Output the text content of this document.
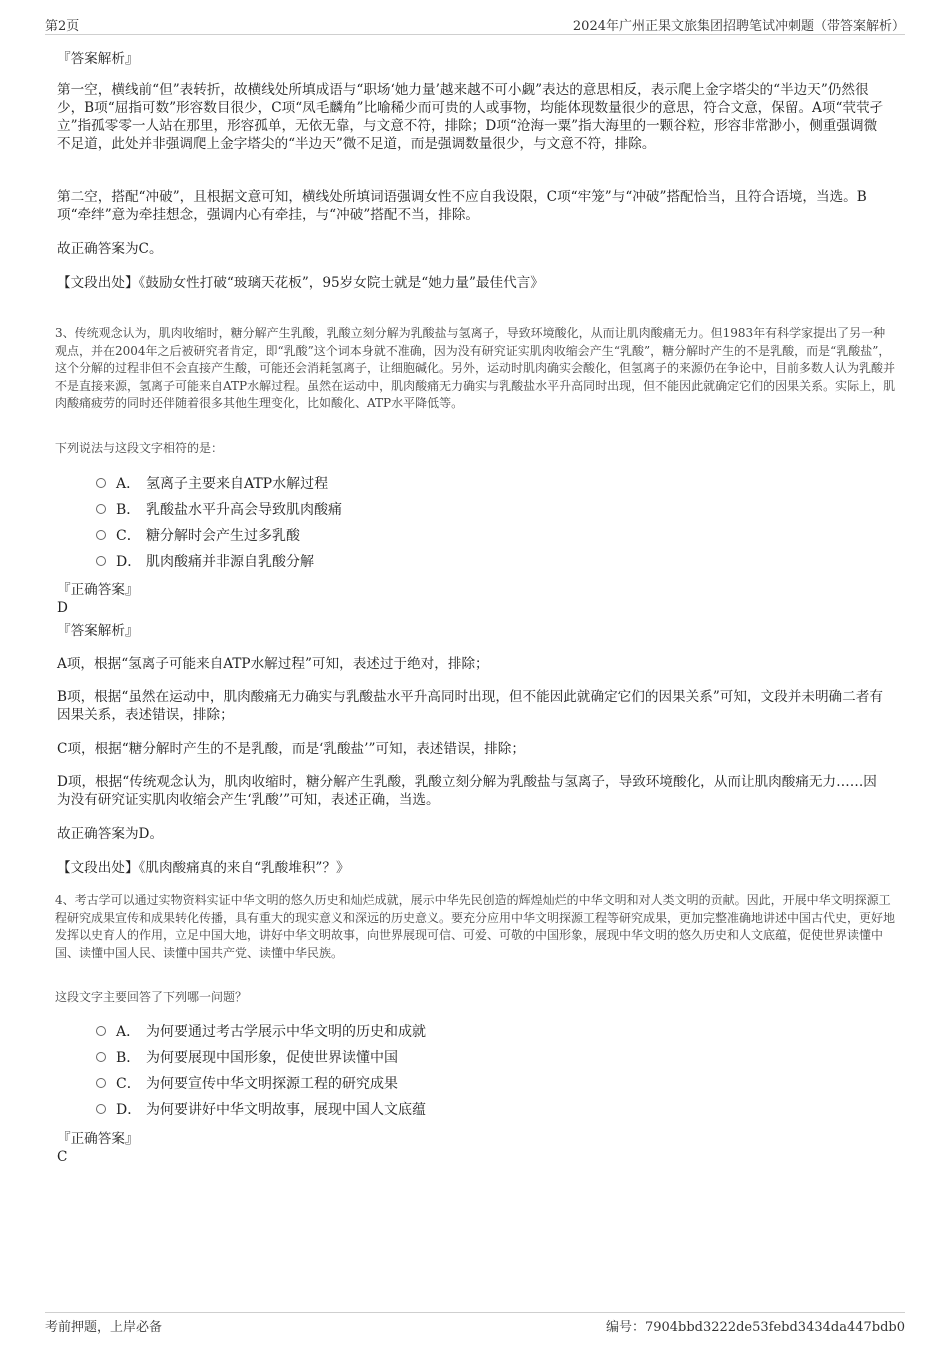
第2页	2024年广州正果文旅集团招聘笔试冲刺题（带答案解析）
『答案解析』

第一空，横线前“但”表转折，故横线处所填成语与“职场‘她力量’越来越不可小觑”表达的意思相反，表示爬上金字塔尖的“半边天”仍然很少，B项“屈指可数”形容数目很少，C项“凤毛麟角”比喻稀少而可贵的人或事物，均能体现数量很少的意思，符合文意，保留。A项“茕茕孑立”指孤零零一人站在那里，形容孤单，无依无靠，与文意不符，排除；D项“沧海一粟”指大海里的一颗谷粒，形容非常渺小，侧重强调微不足道，此处并非强调爬上金字塔尖的“半边天”微不足道，而是强调数量很少，与文意不符，排除。

第二空，搭配“冲破”，且根据文意可知，横线处所填词语强调女性不应自我设限，C项“牢笼”与“冲破”搭配恰当，且符合语境，当选。B项“牵绊”意为牵挂想念，强调内心有牵挂，与“冲破”搭配不当，排除。

故正确答案为C。

【文段出处】《鼓励女性打破“玻璃天花板”，95岁女院士就是“她力量”最佳代言》

3、传统观念认为，肌肉收缩时，糖分解产生乳酸，乳酸立刻分解为乳酸盐与氢离子，导致环境酸化，从而让肌肉酸痛无力。但1983年有科学家提出了另一种观点，并在2004年之后被研究者肯定，即“乳酸”这个词本身就不准确，因为没有研究证实肌肉收缩会产生“乳酸”，糖分解时产生的不是乳酸，而是“乳酸盐”，这个分解的过程非但不会直接产生酸，可能还会消耗氢离子，让细胞碱化。另外，运动时肌肉确实会酸化，但氢离子的来源仍在争论中，目前多数人认为乳酸并不是直接来源，氢离子可能来自ATP水解过程。虽然在运动中，肌肉酸痛无力确实与乳酸盐水平升高同时出现，但不能因此就确定它们的因果关系。实际上，肌肉酸痛疲劳的同时还伴随着很多其他生理变化，比如酸化、ATP水平降低等。

下列说法与这段文字相符的是：

A． 氢离子主要来自ATP水解过程
B． 乳酸盐水平升高会导致肌肉酸痛
C． 糖分解时会产生过多乳酸
D． 肌肉酸痛并非源自乳酸分解
『正确答案』
D
『答案解析』

A项，根据“氢离子可能来自ATP水解过程”可知，表述过于绝对，排除；

B项，根据“虽然在运动中，肌肉酸痛无力确实与乳酸盐水平升高同时出现，但不能因此就确定它们的因果关系”可知，文段并未明确二者有因果关系，表述错误，排除；

C项，根据“糖分解时产生的不是乳酸，而是‘乳酸盐’”可知，表述错误，排除；

D项，根据“传统观念认为，肌肉收缩时，糖分解产生乳酸，乳酸立刻分解为乳酸盐与氢离子，导致环境酸化，从而让肌肉酸痛无力……因为没有研究证实肌肉收缩会产生‘乳酸’”可知，表述正确，当选。

故正确答案为D。

【文段出处】《肌肉酸痛真的来自“乳酸堆积”？》

4、考古学可以通过实物资料实证中华文明的悠久历史和灿烂成就，展示中华先民创造的辉煌灿烂的中华文明和对人类文明的贡献。因此，开展中华文明探源工程研究成果宣传和成果转化传播，具有重大的现实意义和深远的历史意义。要充分应用中华文明探源工程等研究成果，更加完整准确地讲述中国古代史，更好地发挥以史育人的作用，立足中国大地，讲好中华文明故事，向世界展现可信、可爱、可敬的中国形象，展现中华文明的悠久历史和人文底蕴，促使世界读懂中国、读懂中国人民、读懂中国共产党、读懂中华民族。

这段文字主要回答了下列哪一问题？

A． 为何要通过考古学展示中华文明的历史和成就
B． 为何要展现中国形象，促使世界读懂中国
C． 为何要宣传中华文明探源工程的研究成果
D． 为何要讲好中华文明故事，展现中国人文底蕴
『正确答案』
C
考前押题，上岸必备	编号：7904bbd3222de53febd3434da447bdb0
